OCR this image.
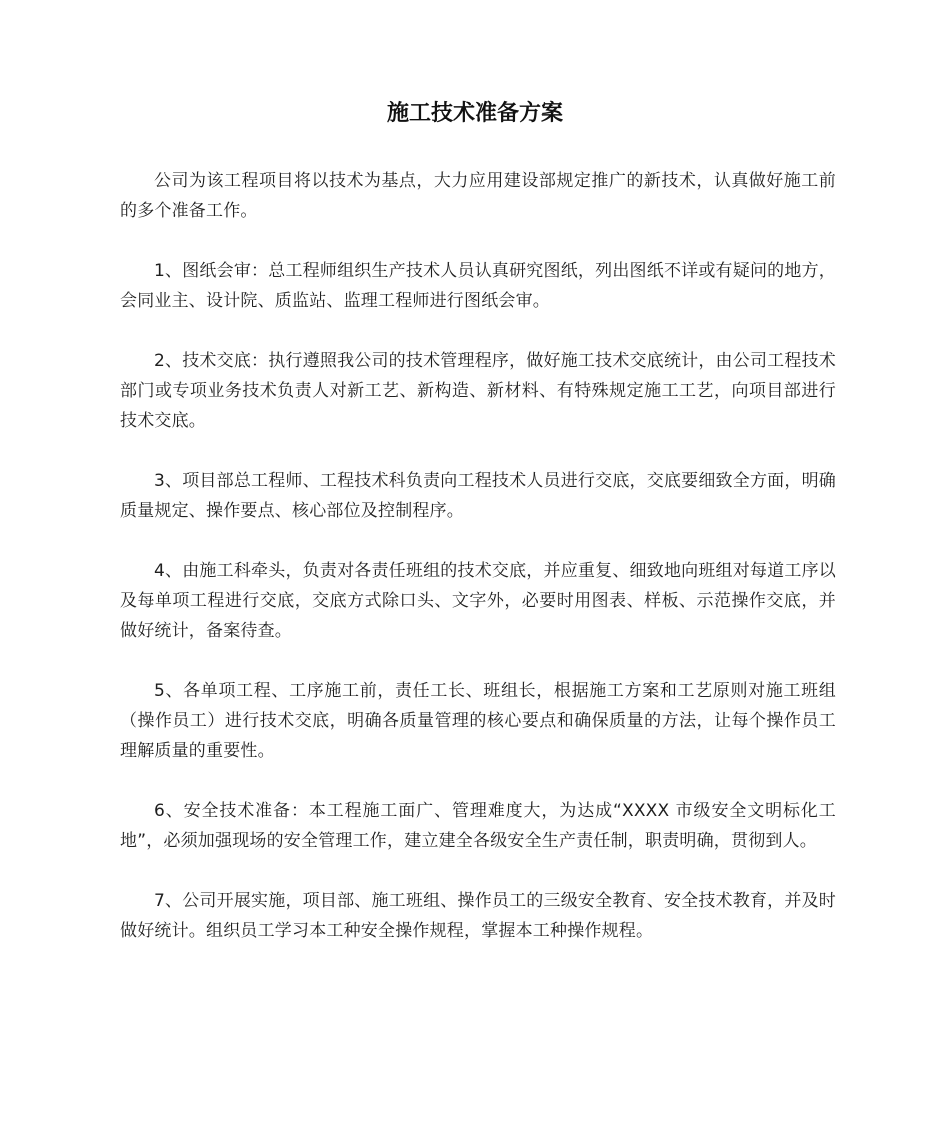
施工技术准备方案

公司为该工程项目将以技术为基点，大力应用建设部规定推广的新技术，认真做好施工前的多个准备工作。

1、图纸会审：总工程师组织生产技术人员认真研究图纸，列出图纸不详或有疑问的地方，会同业主、设计院、质监站、监理工程师进行图纸会审。

2、技术交底：执行遵照我公司的技术管理程序，做好施工技术交底统计，由公司工程技术部门或专项业务技术负责人对新工艺、新构造、新材料、有特殊规定施工工艺，向项目部进行技术交底。

3、项目部总工程师、工程技术科负责向工程技术人员进行交底，交底要细致全方面，明确质量规定、操作要点、核心部位及控制程序。

4、由施工科牵头，负责对各责任班组的技术交底，并应重复、细致地向班组对每道工序以及每单项工程进行交底，交底方式除口头、文字外，必要时用图表、样板、示范操作交底，并做好统计，备案待查。

5、各单项工程、工序施工前，责任工长、班组长，根据施工方案和工艺原则对施工班组（操作员工）进行技术交底，明确各质量管理的核心要点和确保质量的方法，让每个操作员工理解质量的重要性。

6、安全技术准备：本工程施工面广、管理难度大，为达成“XXXX 市级安全文明标化工地”，必须加强现场的安全管理工作，建立建全各级安全生产责任制，职责明确，贯彻到人。

7、公司开展实施，项目部、施工班组、操作员工的三级安全教育、安全技术教育，并及时做好统计。组织员工学习本工种安全操作规程，掌握本工种操作规程。
